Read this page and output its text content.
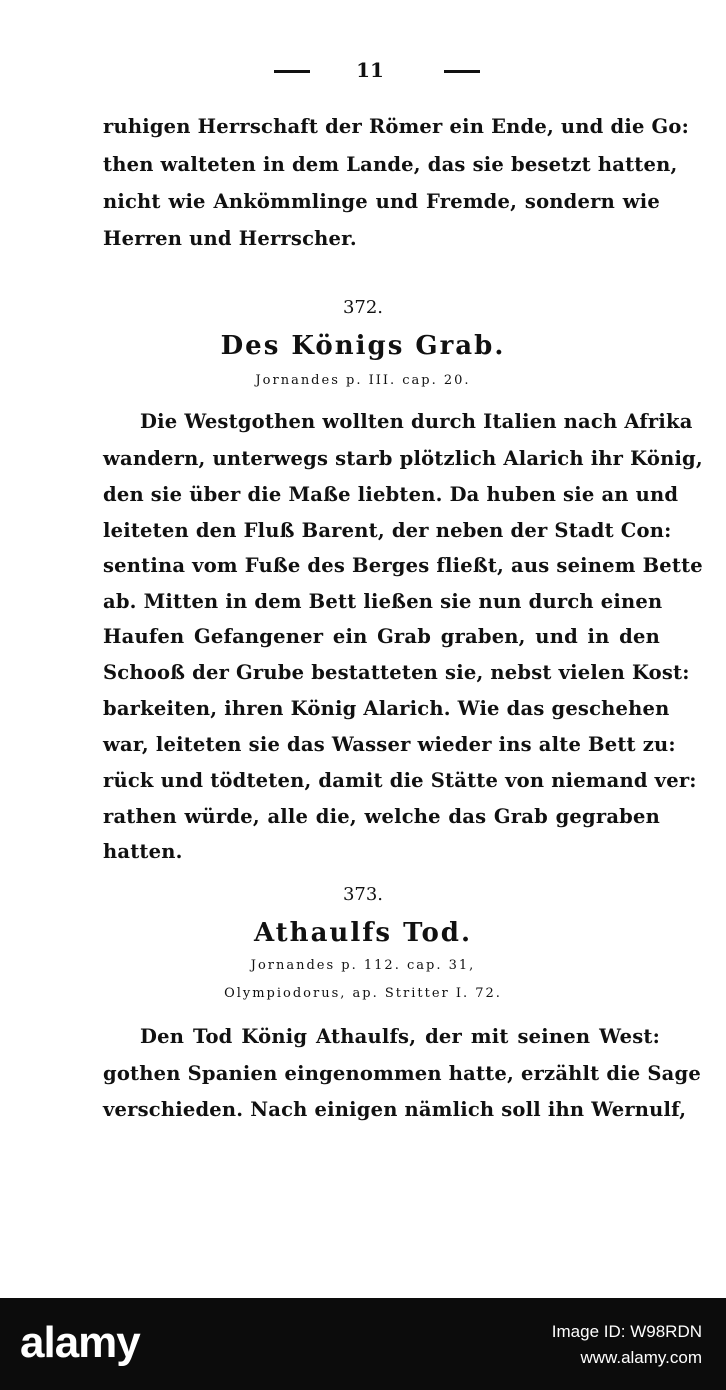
11
ruhigen Herrschaft der Römer ein Ende, und die Go:
then walteten in dem Lande, das sie besetzt hatten,
nicht wie Ankömmlinge und Fremde, sondern wie
Herren und Herrscher.
372.
Des Königs Grab.
Jornandes p. III. cap. 20.
Die Westgothen wollten durch Italien nach Afrika
wandern, unterwegs starb plötzlich Alarich ihr König,
den sie über die Maße liebten. Da huben sie an und
leiteten den Fluß Barent, der neben der Stadt Con:
sentina vom Fuße des Berges fließt, aus seinem Bette
ab. Mitten in dem Bett ließen sie nun durch einen
Haufen Gefangener ein Grab graben, und in den
Schooß der Grube bestatteten sie, nebst vielen Kost:
barkeiten, ihren König Alarich. Wie das geschehen
war, leiteten sie das Wasser wieder ins alte Bett zu:
rück und tödteten, damit die Stätte von niemand ver:
rathen würde, alle die, welche das Grab gegraben
hatten.
373.
Athaulfs Tod.
Jornandes p. 112. cap. 31,
Olympiodorus, ap. Stritter I. 72.
Den Tod König Athaulfs, der mit seinen West:
gothen Spanien eingenommen hatte, erzählt die Sage
verschieden. Nach einigen nämlich soll ihn Wernulf,
alamy	Image ID: W98RDN
www.alamy.com
